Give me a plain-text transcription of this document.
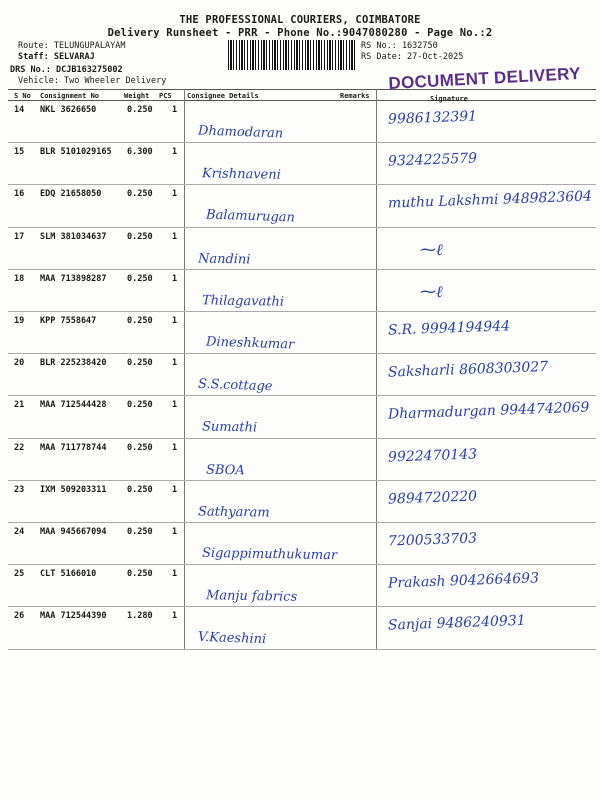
THE PROFESSIONAL COURIERS, COIMBATORE
Delivery Runsheet - PRR - Phone No.:9047080280 - Page No.:2
Route: TELUNGUPALAYAM
Staff: SELVARAJ
DRS No.: DCJB163275002
Vehicle: Two Wheeler Delivery
RS No.: 1632750
RS Date: 27-Oct-2025
DOCUMENT DELIVERY
S No Consignment No	Weight PCS Consignee Details	Remarks	Signature
14 NKL 3626650	0.250 1
Dhamodaran
9986132391
15 BLR 5101029165 6.300 1
Krishnaveni
9324225579
16 EDQ 21658050	0.250 1
Balamurugan
muthu Lakshmi 9489823604
17 SLM 381034637 0.250 1
Nandini
⁓ℓ
18 MAA 713898287 0.250 1
Thilagavathi
⁓ℓ
19 KPP 7558647	0.250 1
Dineshkumar
S.R. 9994194944
20 BLR 225238420 0.250 1
S.S.cottage
Saksharli 8608303027
21 MAA 712544428 0.250 1
Sumathi
Dharmadurgan 9944742069
22 MAA 711778744 0.250 1
SBOA
9922470143
23 IXM 509203311 0.250 1
Sathyaram
9894720220
24 MAA 945667094 0.250 1
Sigappimuthukumar
7200533703
25 CLT 5166010	0.250 1
Manju fabrics
Prakash 9042664693
26 MAA 712544390 1.280 1
V.Kaeshini
Sanjai 9486240931
